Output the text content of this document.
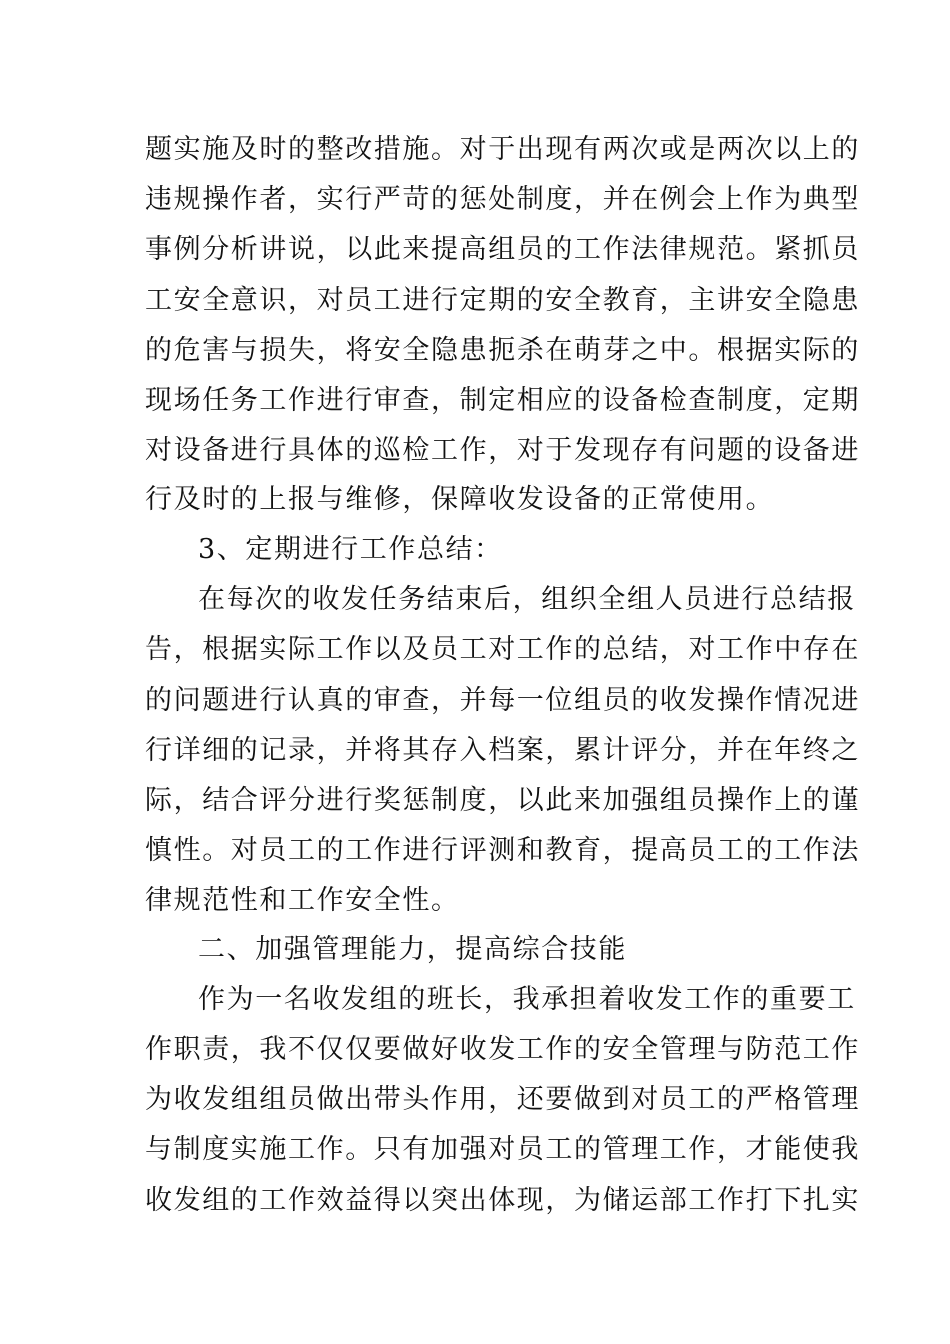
题实施及时的整改措施。对于出现有两次或是两次以上的
违规操作者，实行严苛的惩处制度，并在例会上作为典型
事例分析讲说，以此来提高组员的工作法律规范。紧抓员
工安全意识，对员工进行定期的安全教育，主讲安全隐患
的危害与损失，将安全隐患扼杀在萌芽之中。根据实际的
现场任务工作进行审查，制定相应的设备检查制度，定期
对设备进行具体的巡检工作，对于发现存有问题的设备进
行及时的上报与维修，保障收发设备的正常使用。
3、定期进行工作总结：
在每次的收发任务结束后，组织全组人员进行总结报
告，根据实际工作以及员工对工作的总结，对工作中存在
的问题进行认真的审查，并每一位组员的收发操作情况进
行详细的记录，并将其存入档案，累计评分，并在年终之
际，结合评分进行奖惩制度，以此来加强组员操作上的谨
慎性。对员工的工作进行评测和教育，提高员工的工作法
律规范性和工作安全性。
二、加强管理能力，提高综合技能
作为一名收发组的班长，我承担着收发工作的重要工
作职责，我不仅仅要做好收发工作的安全管理与防范工作
为收发组组员做出带头作用，还要做到对员工的严格管理
与制度实施工作。只有加强对员工的管理工作，才能使我
收发组的工作效益得以突出体现，为储运部工作打下扎实
